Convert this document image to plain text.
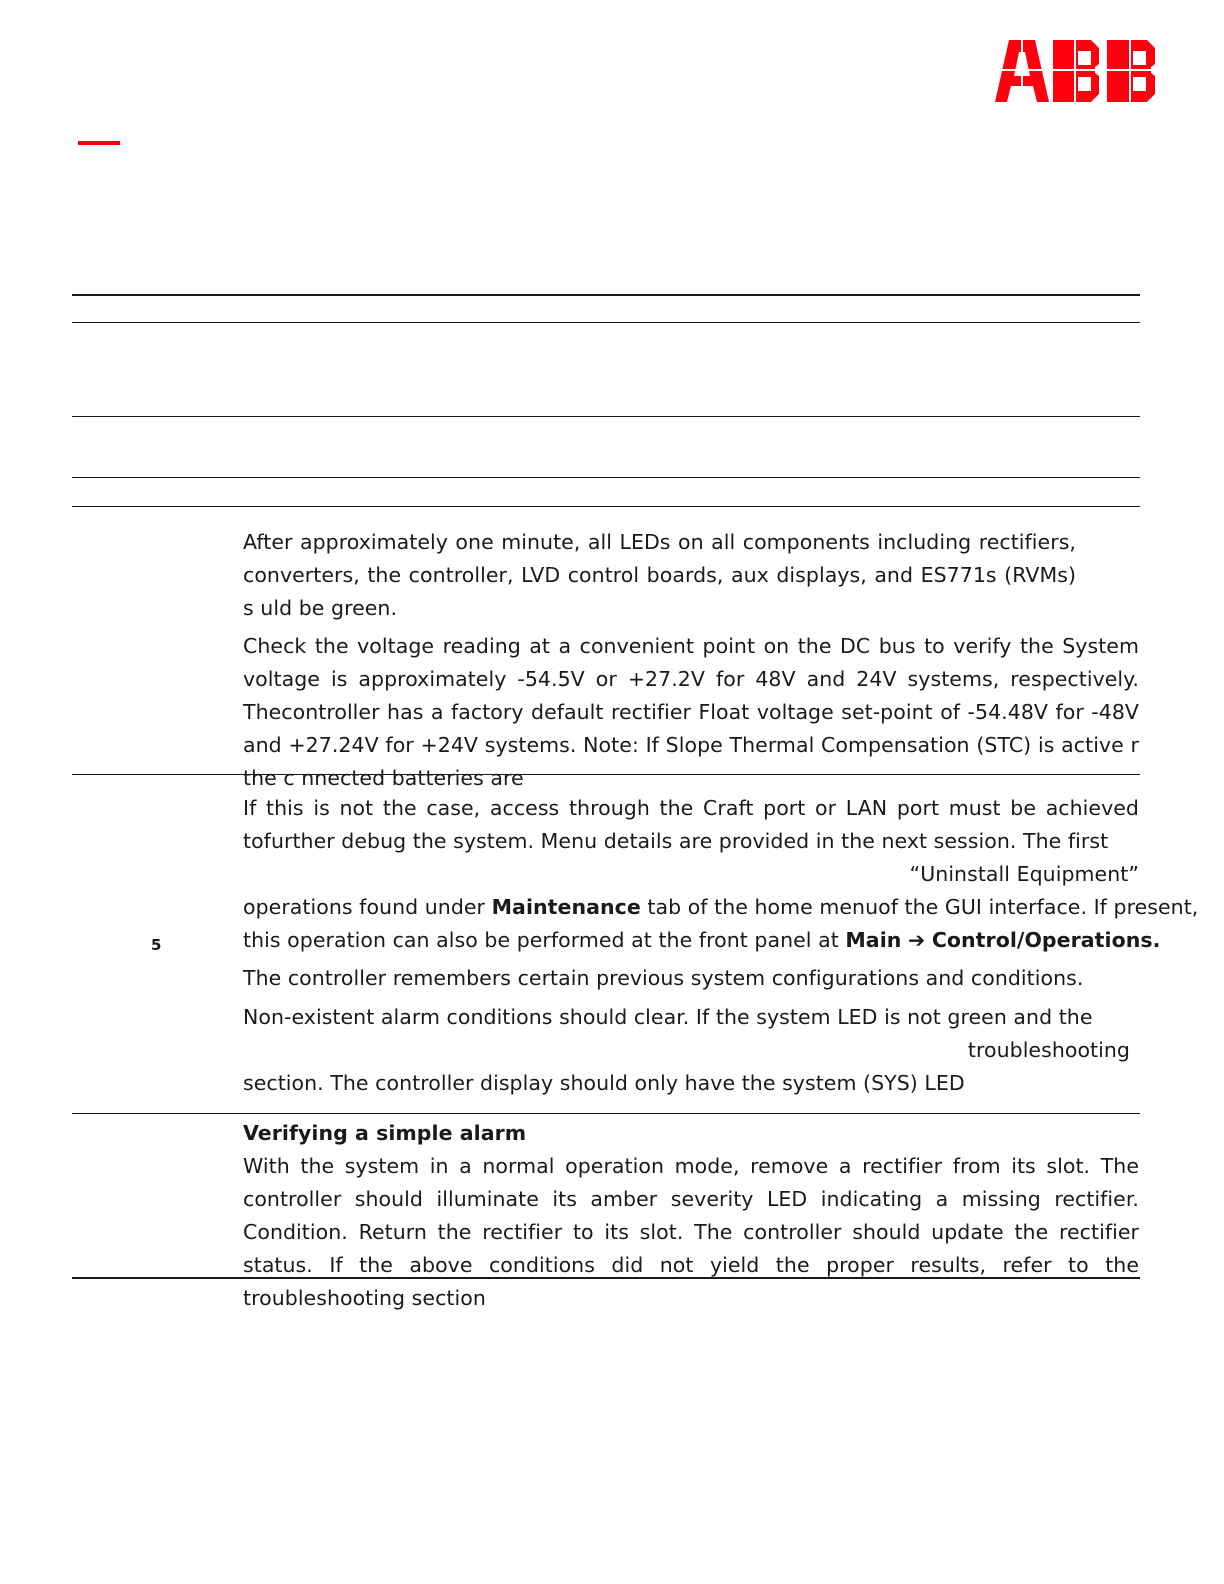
ABB
5

After approximately one minute, all LEDs on all components including rectifiers, converters, the controller, LVD control boards, aux displays, and ES771s (RVMs) s uld be green.

Check the voltage reading at a convenient point on the DC bus to verify the System voltage is approximately -54.5V or +27.2V for 48V and 24V systems, respectively. Thecontroller has a factory default rectifier Float voltage set-point of -54.48V for -48V and +27.24V for +24V systems. Note: If Slope Thermal Compensation (STC) is active r the c nnected batteries are

If this is not the case, access through the Craft port or LAN port must be achieved tofurther debug the system. Menu details are provided in the next session. The first

“Uninstall Equipment”
operations found under Maintenance tab of the home menuof the GUI interface. If present,
this operation can also be performed at the front panel at Main ➔ Control/Operations.

The controller remembers certain previous system configurations and conditions.

Non-existent alarm conditions should clear. If the system LED is not green and the

troubleshooting

section. The controller display should only have the system (SYS) LED

Verifying a simple alarm

With the system in a normal operation mode, remove a rectifier from its slot. The controller should illuminate its amber severity LED indicating a missing rectifier. Condition. Return the rectifier to its slot. The controller should update the rectifier status. If the above conditions did not yield the proper results, refer to the troubleshooting section
